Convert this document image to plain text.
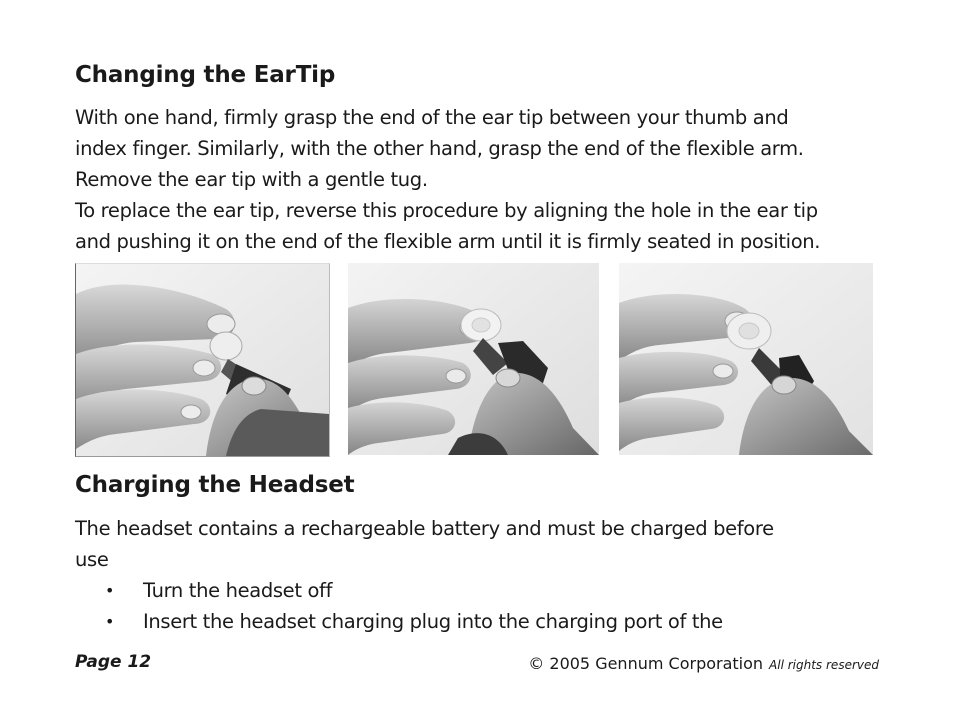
Changing the EarTip

With one hand, firmly grasp the end of the ear tip between your thumb and
index finger. Similarly, with the other hand, grasp the end of the flexible arm.
Remove the ear tip with a gentle tug.
To replace the ear tip, reverse this procedure by aligning the hole in the ear tip
and pushing it on the end of the flexible arm until it is firmly seated in position.

Charging the Headset

The headset contains a rechargeable battery and must be charged before
use

• Turn the headset off
• Insert the headset charging plug into the charging port of the
Page 12	© 2005 Gennum Corporation All rights reserved
